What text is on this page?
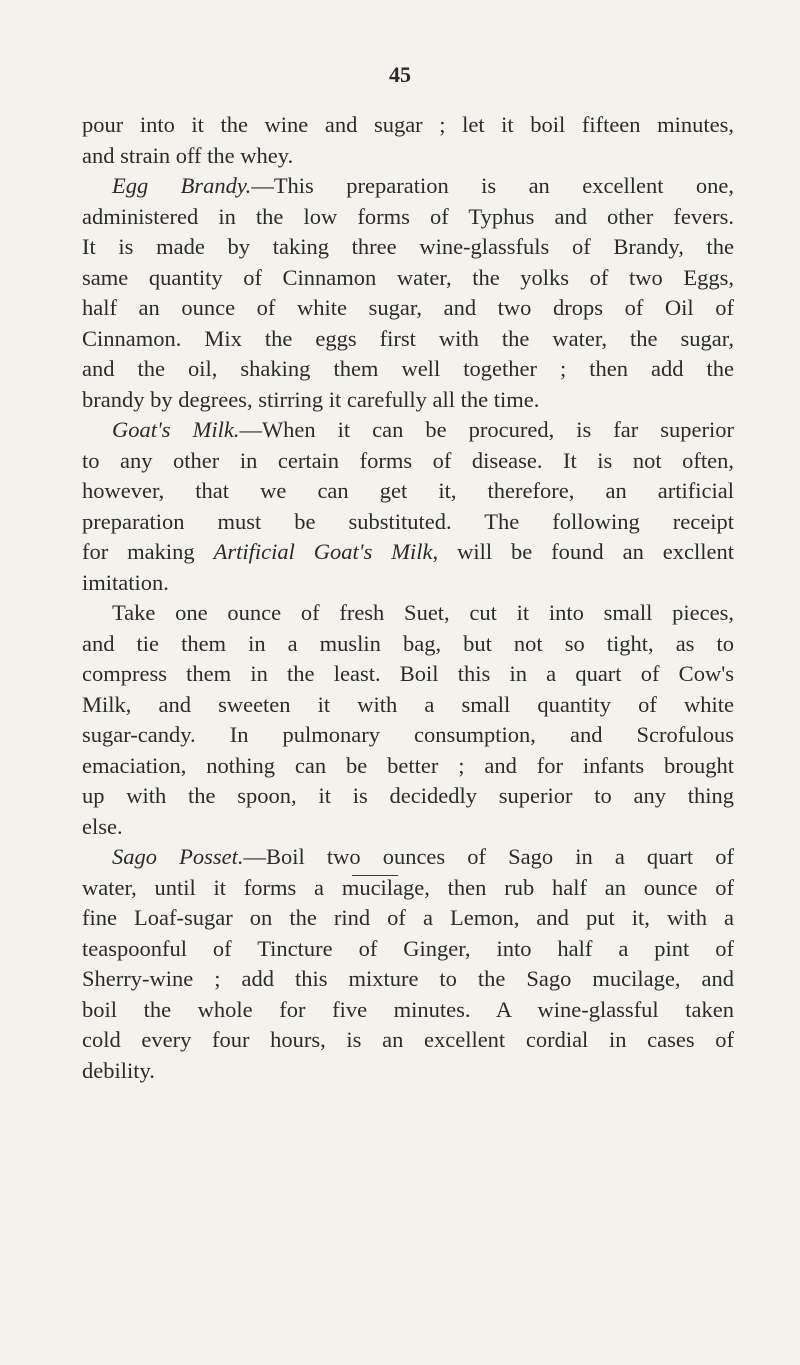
45
pour into it the wine and sugar ; let it boil fifteen minutes,
and strain off the whey.
Egg Brandy.—This preparation is an excellent one,
administered in the low forms of Typhus and other fevers.
It is made by taking three wine-glassfuls of Brandy, the
same quantity of Cinnamon water, the yolks of two Eggs,
half an ounce of white sugar, and two drops of Oil of
Cinnamon. Mix the eggs first with the water, the sugar,
and the oil, shaking them well together ; then add the
brandy by degrees, stirring it carefully all the time.
Goat's Milk.—When it can be procured, is far superior
to any other in certain forms of disease. It is not often,
however, that we can get it, therefore, an artificial
preparation must be substituted. The following receipt
for making Artificial Goat's Milk, will be found an excllent
imitation.
Take one ounce of fresh Suet, cut it into small pieces,
and tie them in a muslin bag, but not so tight, as to
compress them in the least. Boil this in a quart of Cow's
Milk, and sweeten it with a small quantity of white
sugar-candy. In pulmonary consumption, and Scrofulous
emaciation, nothing can be better ; and for infants brought
up with the spoon, it is decidedly superior to any thing
else.
Sago Posset.—Boil two ounces of Sago in a quart of
water, until it forms a mucilage, then rub half an ounce of
fine Loaf-sugar on the rind of a Lemon, and put it, with a
teaspoonful of Tincture of Ginger, into half a pint of
Sherry-wine ; add this mixture to the Sago mucilage, and
boil the whole for five minutes. A wine-glassful taken
cold every four hours, is an excellent cordial in cases of
debility.
